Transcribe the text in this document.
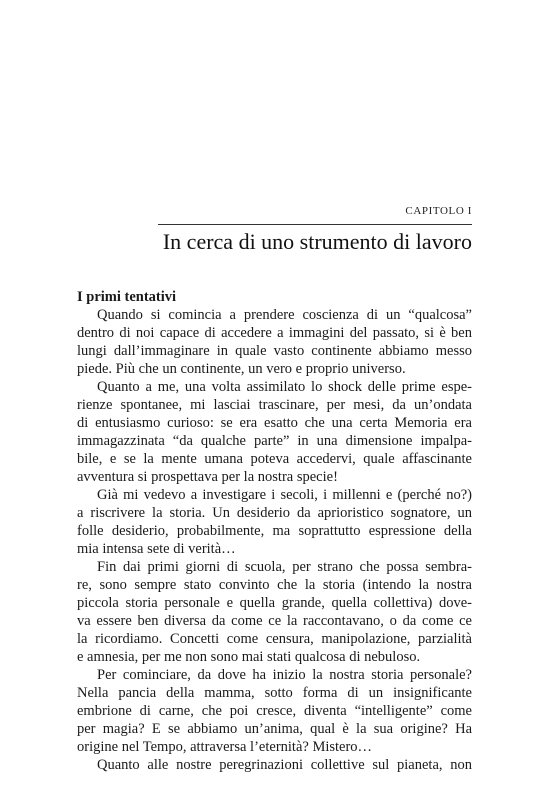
CAPITOLO I
In cerca di uno strumento di lavoro
I primi tentativi
Quando si comincia a prendere coscienza di un “qualcosa”
dentro di noi capace di accedere a immagini del passato, si è ben
lungi dall’immaginare in quale vasto continente abbiamo messo
piede. Più che un continente, un vero e proprio universo.
Quanto a me, una volta assimilato lo shock delle prime espe-
rienze spontanee, mi lasciai trascinare, per mesi, da un’ondata
di entusiasmo curioso: se era esatto che una certa Memoria era
immagazzinata “da qualche parte” in una dimensione impalpa-
bile, e se la mente umana poteva accedervi, quale affascinante
avventura si prospettava per la nostra specie!
Già mi vedevo a investigare i secoli, i millenni e (perché no?)
a riscrivere la storia. Un desiderio da aprioristico sognatore, un
folle desiderio, probabilmente, ma soprattutto espressione della
mia intensa sete di verità…
Fin dai primi giorni di scuola, per strano che possa sembra-
re, sono sempre stato convinto che la storia (intendo la nostra
piccola storia personale e quella grande, quella collettiva) dove-
va essere ben diversa da come ce la raccontavano, o da come ce
la ricordiamo. Concetti come censura, manipolazione, parzialità
e amnesia, per me non sono mai stati qualcosa di nebuloso.
Per cominciare, da dove ha inizio la nostra storia personale?
Nella pancia della mamma, sotto forma di un insignificante
embrione di carne, che poi cresce, diventa “intelligente” come
per magia? E se abbiamo un’anima, qual è la sua origine? Ha
origine nel Tempo, attraversa l’eternità? Mistero…
Quanto alle nostre peregrinazioni collettive sul pianeta, non
